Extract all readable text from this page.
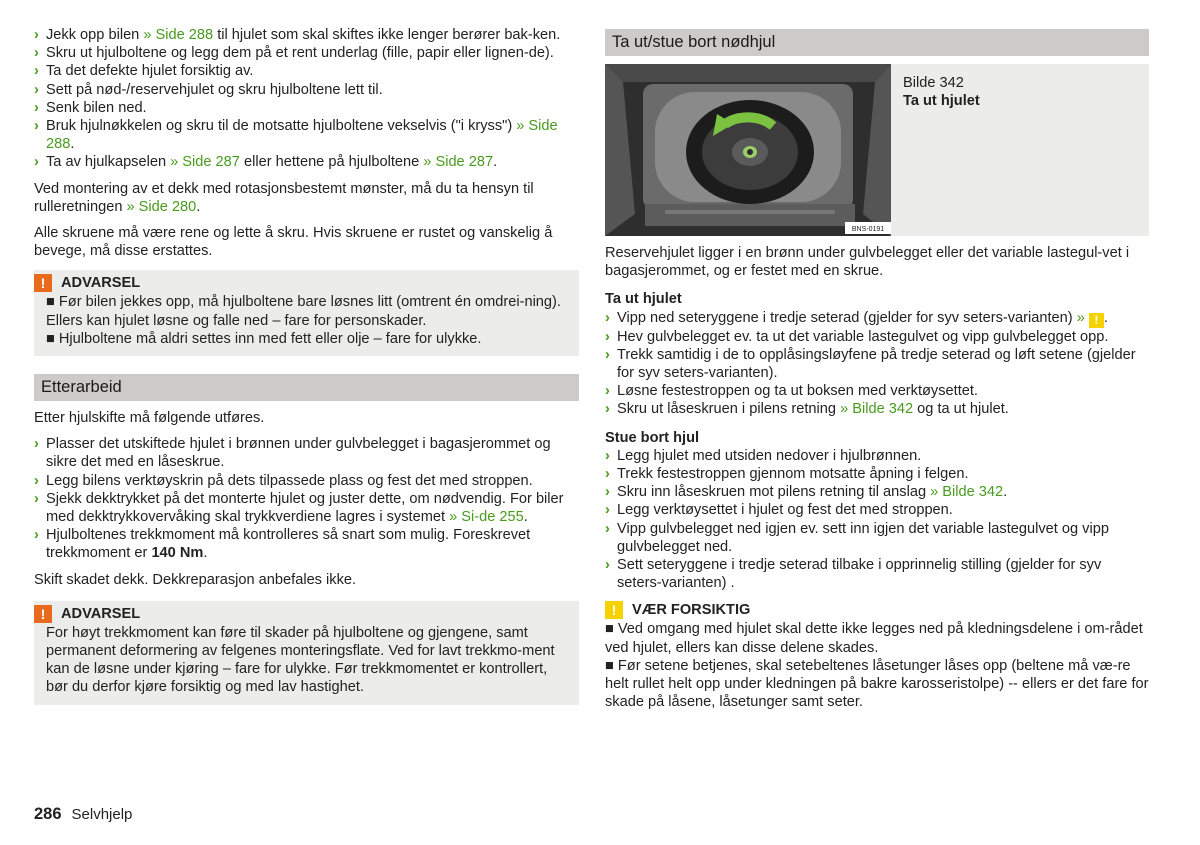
› Jekk opp bilen » Side 288 til hjulet som skal skiftes ikke lenger berører bak-ken.
› Skru ut hjulboltene og legg dem på et rent underlag (fille, papir eller lignen-de).
› Ta det defekte hjulet forsiktig av.
› Sett på nød-/reservehjulet og skru hjulboltene lett til.
› Senk bilen ned.
› Bruk hjulnøkkelen og skru til de motsatte hjulboltene vekselvis ("i kryss") » Side 288.
› Ta av hjulkapselen » Side 287 eller hettene på hjulboltene » Side 287.

Ved montering av et dekk med rotasjonsbestemt mønster, må du ta hensyn til rulleretningen » Side 280.

Alle skruene må være rene og lette å skru. Hvis skruene er rustet og vanskelig å bevege, må disse erstattes.

!	ADVARSEL

■ Før bilen jekkes opp, må hjulboltene bare løsnes litt (omtrent én omdrei-ning). Ellers kan hjulet løsne og falle ned – fare for personskader.

■ Hjulboltene må aldri settes inn med fett eller olje – fare for ulykke.

Etterarbeid

Etter hjulskifte må følgende utføres.

› Plasser det utskiftede hjulet i brønnen under gulvbelegget i bagasjerommet og sikre det med en låseskrue.
› Legg bilens verktøyskrin på dets tilpassede plass og fest det med stroppen.
› Sjekk dekktrykket på det monterte hjulet og juster dette, om nødvendig. For biler med dekktrykkovervåking skal trykkverdiene lagres i systemet » Si-de 255.
› Hjulboltenes trekkmoment må kontrolleres så snart som mulig. Foreskrevet trekkmoment er 140 Nm.

Skift skadet dekk. Dekkreparasjon anbefales ikke.

!	ADVARSEL

For høyt trekkmoment kan føre til skader på hjulboltene og gjengene, samt permanent deformering av felgenes monteringsflate. Ved for lavt trekkmo-ment kan de løsne under kjøring – fare for ulykke. Før trekkmomentet er kontrollert, bør du derfor kjøre forsiktig og med lav hastighet.

Ta ut/stue bort nødhjul
BNS-0191

Bilde 342

Ta ut hjulet

Reservehjulet ligger i en brønn under gulvbelegget eller det variable lastegul-vet i bagasjerommet, og er festet med en skrue.

Ta ut hjulet

› Vipp ned seteryggene i tredje seterad (gjelder for syv seters-varianten) » ! .
› Hev gulvbelegget ev. ta ut det variable lastegulvet og vipp gulvbelegget opp.
› Trekk samtidig i de to opplåsingsløyfene på tredje seterad og løft setene (gjelder for syv seters-varianten).
› Løsne festestroppen og ta ut boksen med verktøysettet.
› Skru ut låseskruen i pilens retning » Bilde 342 og ta ut hjulet.

Stue bort hjul

› Legg hjulet med utsiden nedover i hjulbrønnen.
› Trekk festestroppen gjennom motsatte åpning i felgen.
› Skru inn låseskruen mot pilens retning til anslag » Bilde 342.
› Legg verktøysettet i hjulet og fest det med stroppen.
› Vipp gulvbelegget ned igjen ev. sett inn igjen det variable lastegulvet og vipp gulvbelegget ned.
› Sett seteryggene i tredje seterad tilbake i opprinnelig stilling (gjelder for syv seters-varianten) .
!	VÆR FORSIKTIG

■ Ved omgang med hjulet skal dette ikke legges ned på kledningsdelene i om-rådet ved hjulet, ellers kan disse delene skades.

■ Før setene betjenes, skal setebeltenes låsetunger låses opp (beltene må væ-re helt rullet helt opp under kledningen på bakre karosseristolpe) -- ellers er det fare for skade på låsene, låsetunger samt seter.

286 Selvhjelp
